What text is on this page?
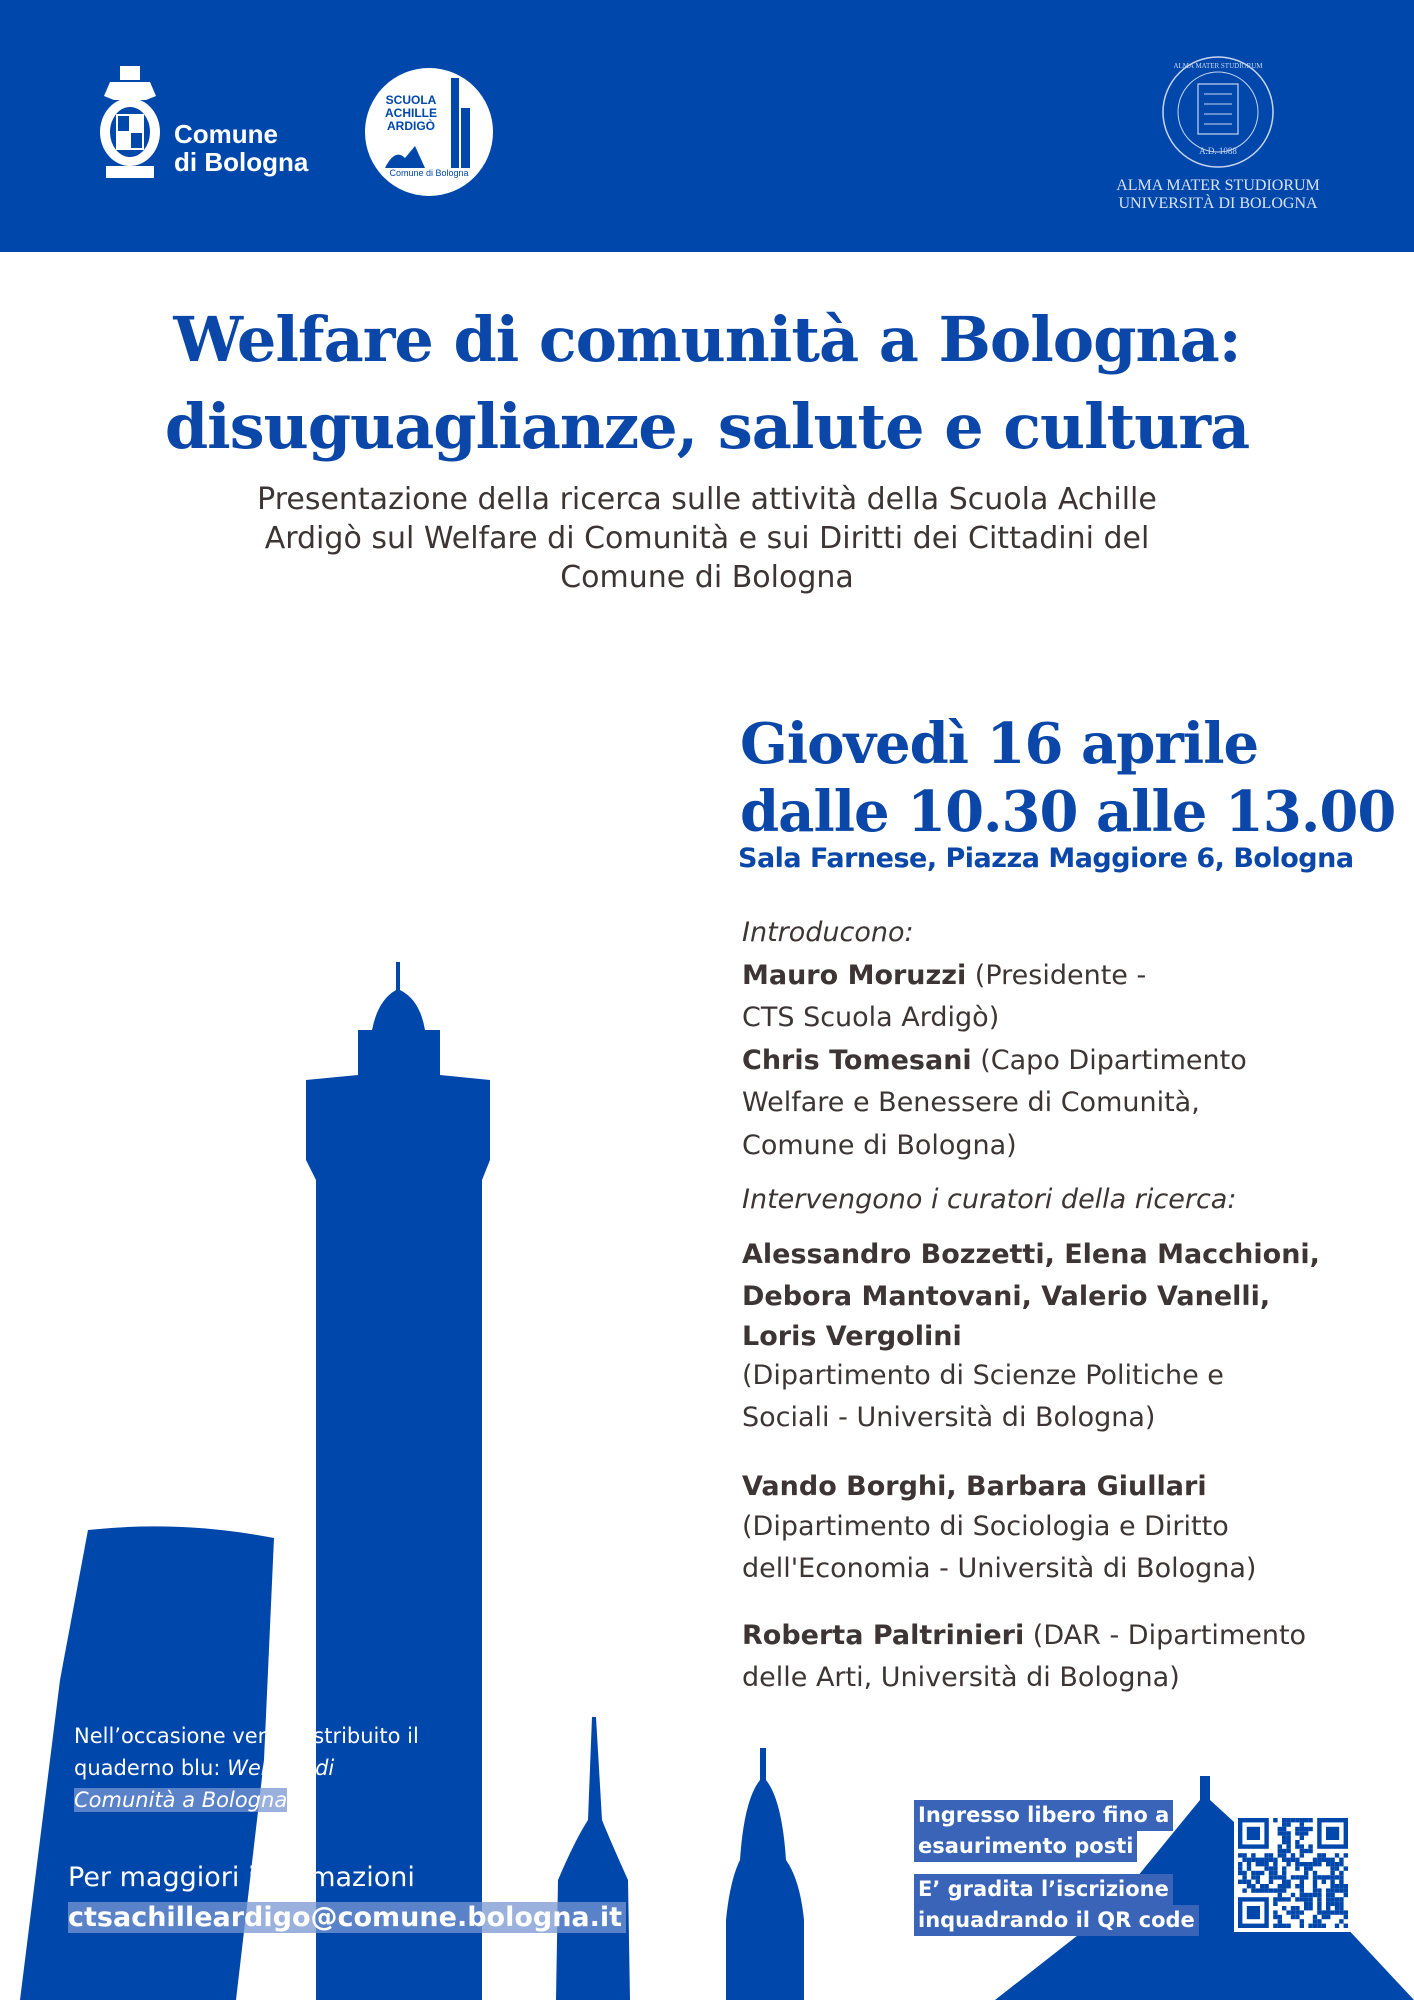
Comune
di Bologna
SCUOLA
ACHILLE
ARDIGÒ
Comune di Bologna
A.D. 1088
ALMA MATER STUDIORUM
ALMA MATER STUDIORUM
UNIVERSITÀ DI BOLOGNA
Welfare di comunità a Bologna:
disuguaglianze, salute e cultura
Presentazione della ricerca sulle attività della Scuola Achille
Ardigò sul Welfare di Comunità e sui Diritti dei Cittadini del
Comune di Bologna
Giovedì 16 aprile
dalle 10.30 alle 13.00
Sala Farnese, Piazza Maggiore 6, Bologna
Introducono:
Mauro Moruzzi (Presidente -
CTS Scuola Ardigò)
Chris Tomesani (Capo Dipartimento
Welfare e Benessere di Comunità,
Comune di Bologna)
Intervengono i curatori della ricerca:
Alessandro Bozzetti, Elena Macchioni,
Debora Mantovani, Valerio Vanelli,
Loris Vergolini
(Dipartimento di Scienze Politiche e
Sociali - Università di Bologna)
Vando Borghi, Barbara Giullari
(Dipartimento di Sociologia e Diritto
dell'Economia - Università di Bologna)
Roberta Paltrinieri (DAR - Dipartimento
delle Arti, Università di Bologna)
Nell’occasione verrà distribuito il
quaderno blu: Welfare di
Comunità a Bologna
Per maggiori informazioni
ctsachilleardigo@comune.bologna.it
Ingresso libero fino a
esaurimento posti
E’ gradita l’iscrizione
inquadrando il QR code
